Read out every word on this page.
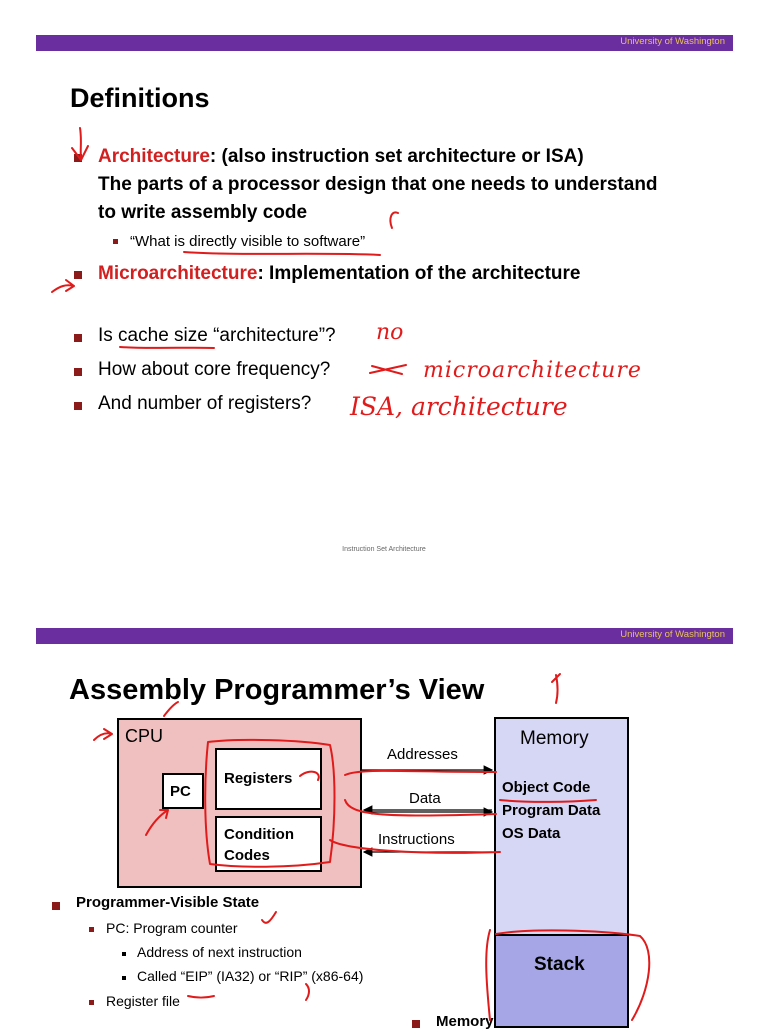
University of Washington
Definitions
Architecture: (also instruction set architecture or ISA)
The parts of a processor design that one needs to understand
to write assembly code
“What is directly visible to software”
Microarchitecture: Implementation of the architecture
Is cache size “architecture”?
How about core frequency?
And number of registers?
no
microarchitecture
ISA, architecture
Instruction Set Architecture
University of Washington
Assembly Programmer’s View
CPU
PC
Registers
Condition
Codes
Memory
Object Code
Program Data
OS Data
Stack
Addresses
Data
Instructions
Programmer-Visible State
PC: Program counter
Address of next instruction
Called “EIP” (IA32) or “RIP” (x86-64)
Register file
Memory
